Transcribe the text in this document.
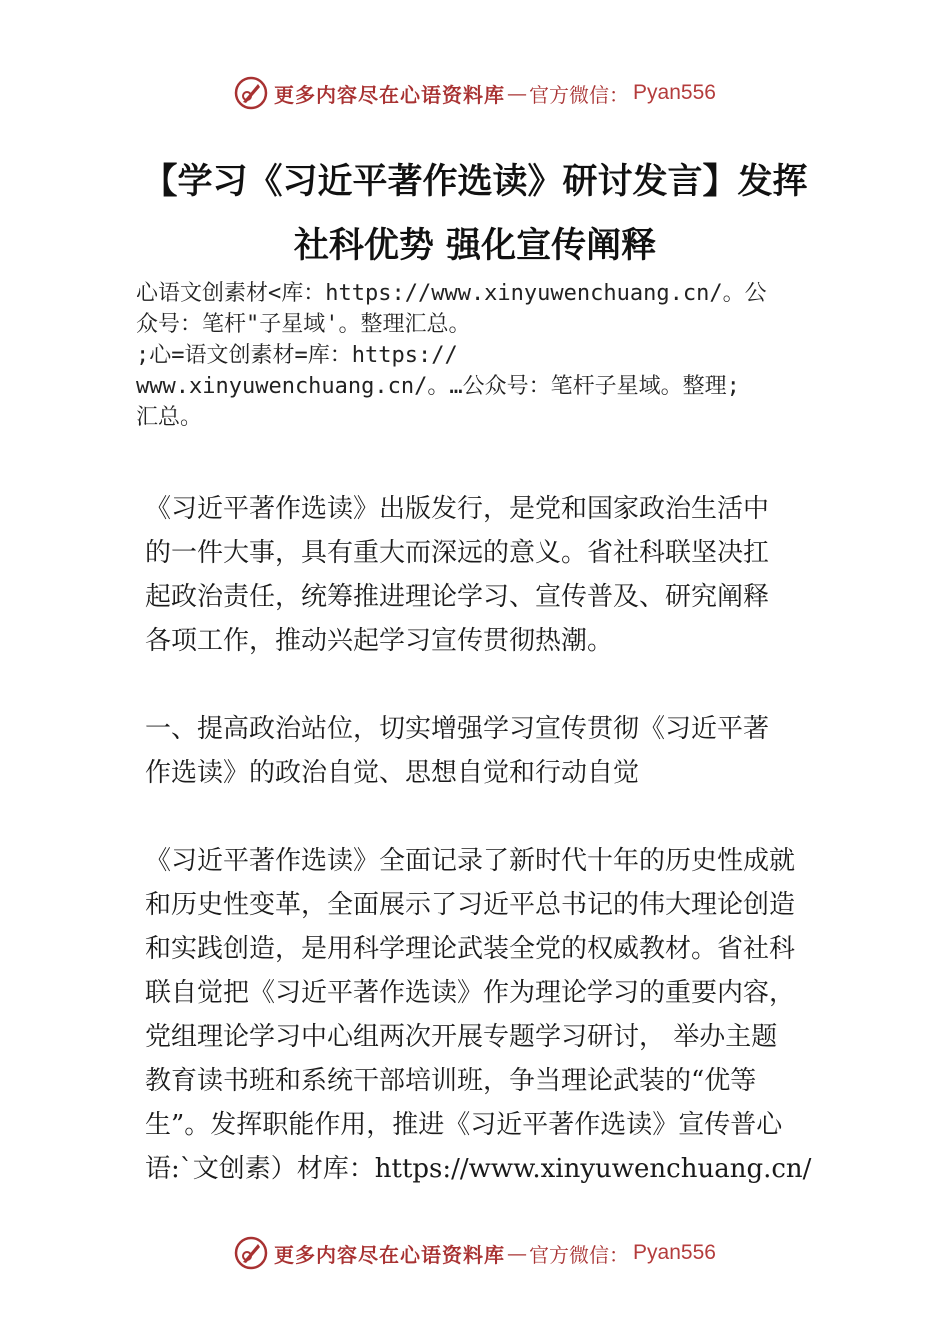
更多内容尽在心语资料库 — 官方微信： Pyan556
【学习《习近平著作选读》研讨发言】发挥
社科优势 强化宣传阐释
心语文创素材<库：https://www.xinyuwenchuang.cn/。公
众号：笔杆"子星域'。整理汇总。
;心=语文创素材=库：https://
www.xinyuwenchuang.cn/。…公众号：笔杆子星域。整理;
汇总。
《习近平著作选读》出版发行，是党和国家政治生活中
的一件大事，具有重大而深远的意义。省社科联坚决扛
起政治责任，统筹推进理论学习、宣传普及、研究阐释
各项工作，推动兴起学习宣传贯彻热潮。
一、提高政治站位，切实增强学习宣传贯彻《习近平著
作选读》的政治自觉、思想自觉和行动自觉
《习近平著作选读》全面记录了新时代十年的历史性成就
和历史性变革，全面展示了习近平总书记的伟大理论创造
和实践创造，是用科学理论武装全党的权威教材。省社科
联自觉把《习近平著作选读》作为理论学习的重要内容，
党组理论学习中心组两次开展专题学习研讨， 举办主题
教育读书班和系统干部培训班，争当理论武装的“优等
生”。发挥职能作用，推进《习近平著作选读》宣传普心
语:`文创素）材库：https://www.xinyuwenchuang.cn/
更多内容尽在心语资料库 — 官方微信： Pyan556
